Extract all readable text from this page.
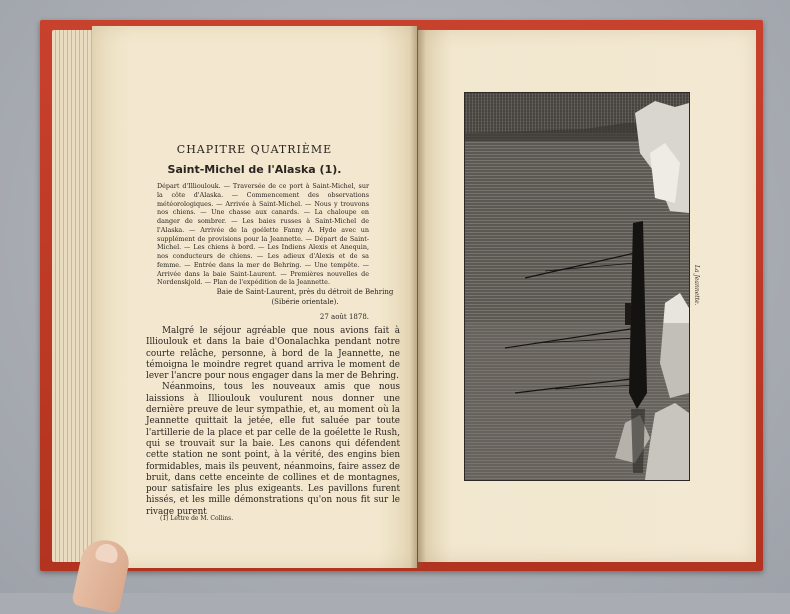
CHAPITRE QUATRIÈME
Saint-Michel de l'Alaska (1).
Départ d'Illioulouk. — Traversée de ce port à Saint-Michel, sur la côte d'Alaska. — Commencement des observations météorologiques. — Arrivée à Saint-Michel. — Nous y trouvons nos chiens. — Une chasse aux canards. — La chaloupe en danger de sombrer. — Les baies russes à Saint-Michel de l'Alaska. — Arrivée de la goélette Fanny A. Hyde avec un supplément de provisions pour la Jeannette. — Départ de Saint-Michel. — Les chiens à bord. — Les Indiens Alexis et Anequin, nos conducteurs de chiens. — Les adieux d'Alexis et de sa femme. — Entrée dans la mer de Behring. — Une tempête. — Arrivée dans la baie Saint-Laurent. — Premières nouvelles de Nordenskjold. — Plan de l'expédition de la Jeannette.
Baie de Saint-Laurent, près du détroit de Behring
(Sibérie orientale).
27 août 1878.

Malgré le séjour agréable que nous avions fait à Illioulouk et dans la baie d'Oonalachka pendant notre courte relâche, personne, à bord de la Jeannette, ne témoigna le moindre regret quand arriva le moment de lever l'ancre pour nous engager dans la mer de Behring.

Néanmoins, tous les nouveaux amis que nous laissions à Illioulouk voulurent nous donner une dernière preuve de leur sympathie, et, au moment où la Jeannette quittait la jetée, elle fut saluée par toute l'artillerie de la place et par celle de la goélette le Rush, qui se trouvait sur la baie. Les canons qui défendent cette station ne sont point, à la vérité, des engins bien formidables, mais ils peuvent, néanmoins, faire assez de bruit, dans cette enceinte de collines et de montagnes, pour satisfaire les plus exigeants. Les pavillons furent hissés, et les mille démonstrations qu'on nous fit sur le rivage purent

(1) Lettre de M. Collins.
La Jeannette.
